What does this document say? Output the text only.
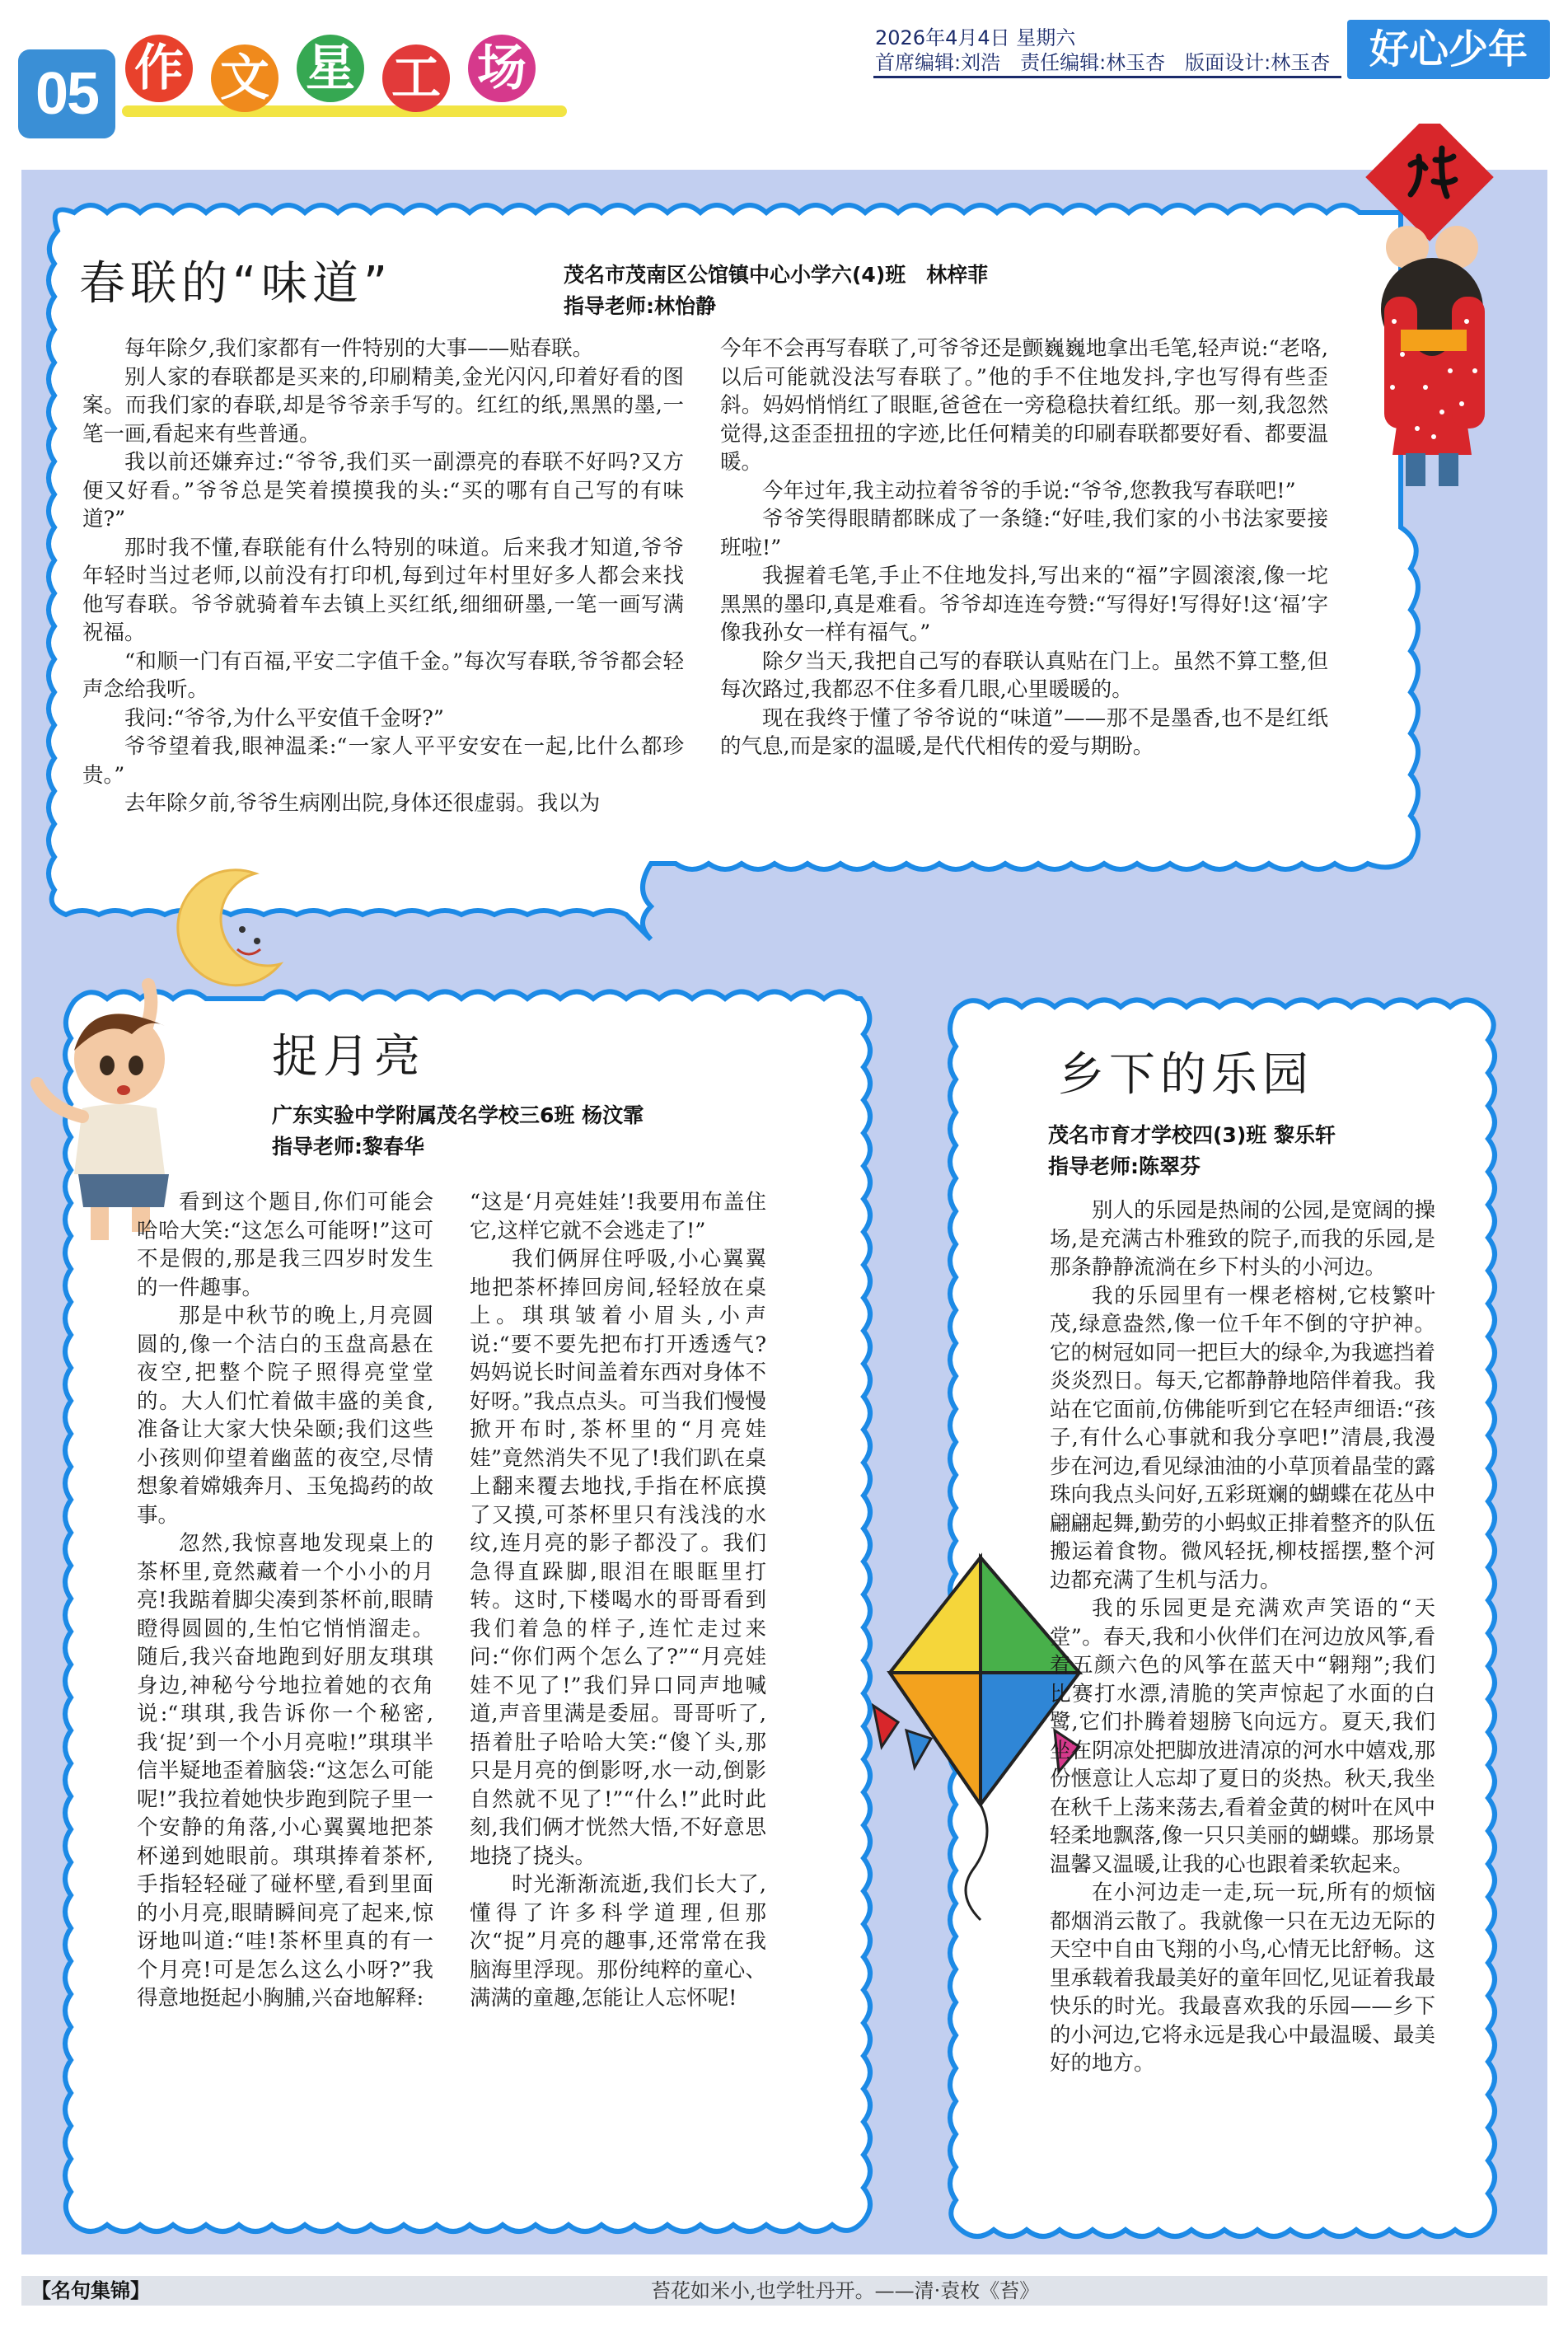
05 作 文 星 工 场
2026年4月4日 星期六
首席编辑:刘浩　责任编辑:林玉杏　版面设计:林玉杏 好心少年
春联的“味道”	茂名市茂南区公馆镇中心小学六(4)班　林梓菲
指导老师:林怡静

每年除夕,我们家都有一件特别的大事——贴春联。

别人家的春联都是买来的,印刷精美,金光闪闪,印着好看的图案。而我们家的春联,却是爷爷亲手写的。红红的纸,黑黑的墨,一笔一画,看起来有些普通。

我以前还嫌弃过:“爷爷,我们买一副漂亮的春联不好吗?又方便又好看。”爷爷总是笑着摸摸我的头:“买的哪有自己写的有味道?”

那时我不懂,春联能有什么特别的味道。后来我才知道,爷爷年轻时当过老师,以前没有打印机,每到过年村里好多人都会来找他写春联。爷爷就骑着车去镇上买红纸,细细研墨,一笔一画写满祝福。

“和顺一门有百福,平安二字值千金。”每次写春联,爷爷都会轻声念给我听。

我问:“爷爷,为什么平安值千金呀?”

爷爷望着我,眼神温柔:“一家人平平安安在一起,比什么都珍贵。”

去年除夕前,爷爷生病刚出院,身体还很虚弱。我以为

今年不会再写春联了,可爷爷还是颤巍巍地拿出毛笔,轻声说:“老咯,以后可能就没法写春联了。”他的手不住地发抖,字也写得有些歪斜。妈妈悄悄红了眼眶,爸爸在一旁稳稳扶着红纸。那一刻,我忽然觉得,这歪歪扭扭的字迹,比任何精美的印刷春联都要好看、都要温暖。

今年过年,我主动拉着爷爷的手说:“爷爷,您教我写春联吧!”

爷爷笑得眼睛都眯成了一条缝:“好哇,我们家的小书法家要接班啦!”

我握着毛笔,手止不住地发抖,写出来的“福”字圆滚滚,像一坨黑黑的墨印,真是难看。爷爷却连连夸赞:“写得好!写得好!这‘福’字像我孙女一样有福气。”

除夕当天,我把自己写的春联认真贴在门上。虽然不算工整,但每次路过,我都忍不住多看几眼,心里暖暖的。

现在我终于懂了爷爷说的“味道”——那不是墨香,也不是红纸的气息,而是家的温暖,是代代相传的爱与期盼。

捉月亮
广东实验中学附属茂名学校三6班 杨汶霏
指导老师:黎春华

看到这个题目,你们可能会哈哈大笑:“这怎么可能呀!”这可不是假的,那是我三四岁时发生的一件趣事。

那是中秋节的晚上,月亮圆圆的,像一个洁白的玉盘高悬在夜空,把整个院子照得亮堂堂的。大人们忙着做丰盛的美食,准备让大家大快朵颐;我们这些小孩则仰望着幽蓝的夜空,尽情想象着嫦娥奔月、玉兔捣药的故事。

忽然,我惊喜地发现桌上的茶杯里,竟然藏着一个小小的月亮!我踮着脚尖凑到茶杯前,眼睛瞪得圆圆的,生怕它悄悄溜走。随后,我兴奋地跑到好朋友琪琪身边,神秘兮兮地拉着她的衣角说:“琪琪,我告诉你一个秘密,我‘捉’到一个小月亮啦!”琪琪半信半疑地歪着脑袋:“这怎么可能呢!”我拉着她快步跑到院子里一个安静的角落,小心翼翼地把茶杯递到她眼前。琪琪捧着茶杯,手指轻轻碰了碰杯壁,看到里面的小月亮,眼睛瞬间亮了起来,惊讶地叫道:“哇!茶杯里真的有一个月亮!可是怎么这么小呀?”我得意地挺起小胸脯,兴奋地解释:

“这是‘月亮娃娃’!我要用布盖住它,这样它就不会逃走了!”

我们俩屏住呼吸,小心翼翼地把茶杯捧回房间,轻轻放在桌上。琪琪皱着小眉头,小声说:“要不要先把布打开透透气?妈妈说长时间盖着东西对身体不好呀。”我点点头。可当我们慢慢掀开布时,茶杯里的“月亮娃娃”竟然消失不见了!我们趴在桌上翻来覆去地找,手指在杯底摸了又摸,可茶杯里只有浅浅的水纹,连月亮的影子都没了。我们急得直跺脚,眼泪在眼眶里打转。这时,下楼喝水的哥哥看到我们着急的样子,连忙走过来问:“你们两个怎么了?”“月亮娃娃不见了!”我们异口同声地喊道,声音里满是委屈。哥哥听了,捂着肚子哈哈大笑:“傻丫头,那只是月亮的倒影呀,水一动,倒影自然就不见了!”“什么!”此时此刻,我们俩才恍然大悟,不好意思地挠了挠头。

时光渐渐流逝,我们长大了,懂得了许多科学道理,但那次“捉”月亮的趣事,还常常在我脑海里浮现。那份纯粹的童心、满满的童趣,怎能让人忘怀呢!

乡下的乐园
茂名市育才学校四(3)班 黎乐轩
指导老师:陈翠芬

别人的乐园是热闹的公园,是宽阔的操场,是充满古朴雅致的院子,而我的乐园,是那条静静流淌在乡下村头的小河边。

我的乐园里有一棵老榕树,它枝繁叶茂,绿意盎然,像一位千年不倒的守护神。它的树冠如同一把巨大的绿伞,为我遮挡着炎炎烈日。每天,它都静静地陪伴着我。我站在它面前,仿佛能听到它在轻声细语:“孩子,有什么心事就和我分享吧!”清晨,我漫步在河边,看见绿油油的小草顶着晶莹的露珠向我点头问好,五彩斑斓的蝴蝶在花丛中翩翩起舞,勤劳的小蚂蚁正排着整齐的队伍搬运着食物。微风轻抚,柳枝摇摆,整个河边都充满了生机与活力。

我的乐园更是充满欢声笑语的“天堂”。春天,我和小伙伴们在河边放风筝,看着五颜六色的风筝在蓝天中“翱翔”;我们比赛打水漂,清脆的笑声惊起了水面的白鹭,它们扑腾着翅膀飞向远方。夏天,我们坐在阴凉处把脚放进清凉的河水中嬉戏,那份惬意让人忘却了夏日的炎热。秋天,我坐在秋千上荡来荡去,看着金黄的树叶在风中轻柔地飘落,像一只只美丽的蝴蝶。那场景温馨又温暖,让我的心也跟着柔软起来。

在小河边走一走,玩一玩,所有的烦恼都烟消云散了。我就像一只在无边无际的天空中自由飞翔的小鸟,心情无比舒畅。这里承载着我最美好的童年回忆,见证着我最快乐的时光。我最喜欢我的乐园——乡下的小河边,它将永远是我心中最温暖、最美好的地方。

【名句集锦】	苔花如米小,也学牡丹开。——清·袁枚《苔》
